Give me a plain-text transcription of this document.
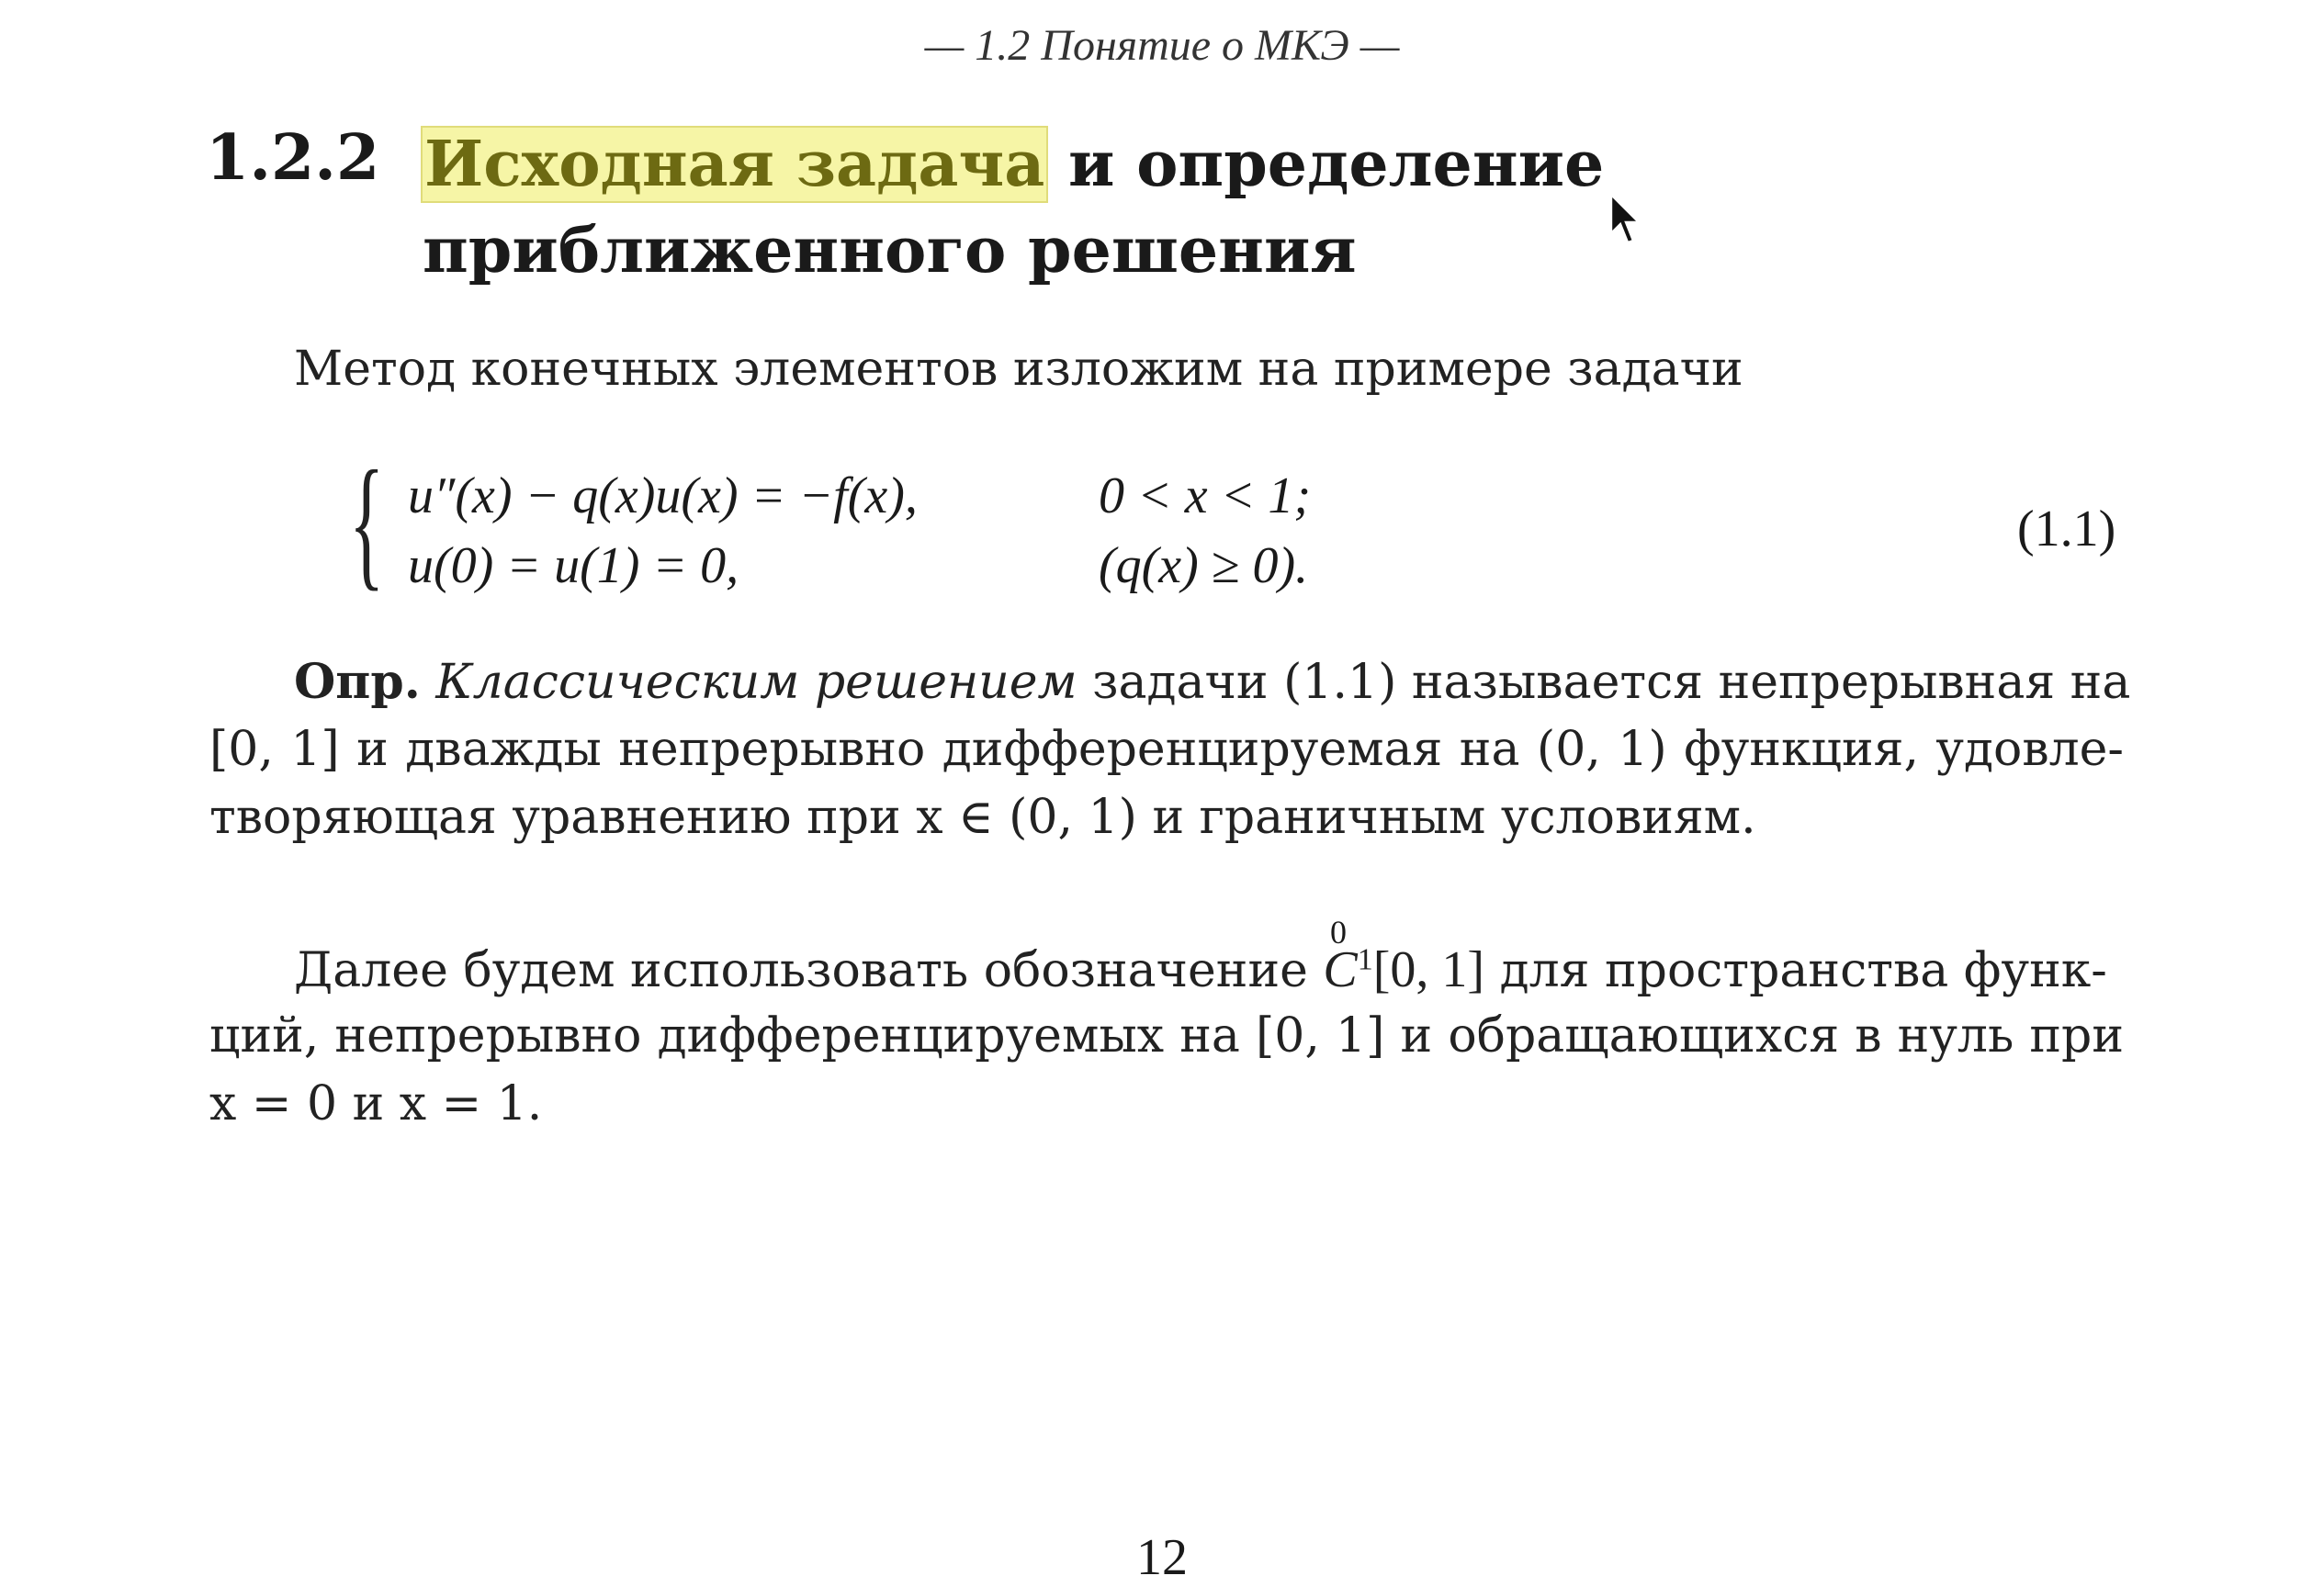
— 1.2 Понятие о МКЭ —
1.2.2 Исходная задача и определение
приближенного решения
Метод конечных элементов изложим на примере задачи
{ u″(x) − q(x)u(x) = −f(x),	0 < x < 1;
u(0) = u(1) = 0,	(q(x) ≥ 0).
(1.1)
Опр. Классическим решением задачи (1.1) называется непрерывная на
[0, 1] и дважды непрерывно дифференцируемая на (0, 1) функция, удовле-
творяющая уравнению при x ∈ (0, 1) и граничным условиям.
Далее будем использовать обозначение $C^1[0$, 1] для пространства функ-
0
ций, непрерывно дифференцируемых на [0, 1] и обращающихся в нуль при
x = 0 и x = 1.
12
